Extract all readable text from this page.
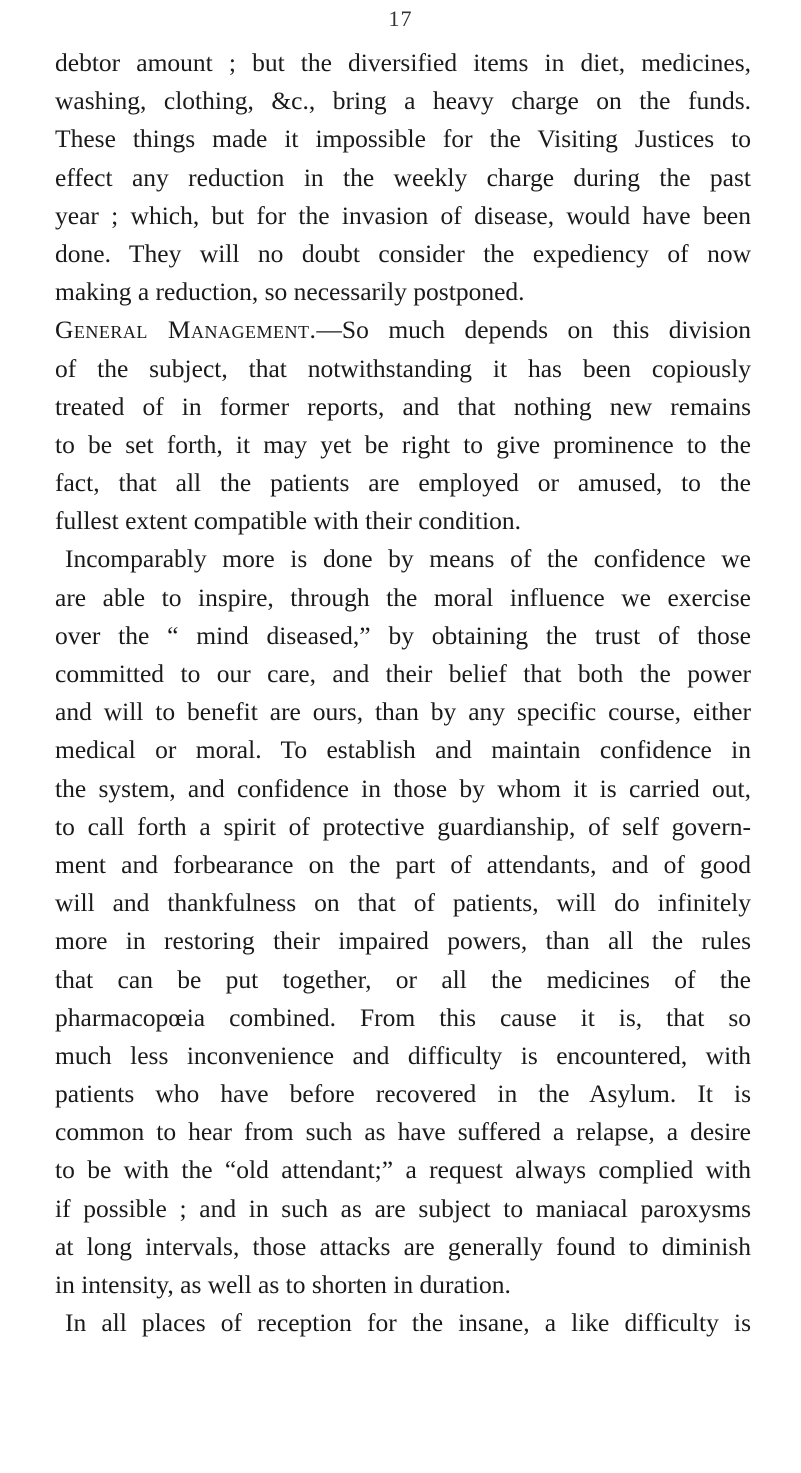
17
debtor amount ; but the diversified items in diet, medicines,
washing, clothing, &c., bring a heavy charge on the funds.
These things made it impossible for the Visiting Justices to
effect any reduction in the weekly charge during the past
year ; which, but for the invasion of disease, would have been
done. They will no doubt consider the expediency of now
making a reduction, so necessarily postponed.
General Management.—So much depends on this division
of the subject, that notwithstanding it has been copiously
treated of in former reports, and that nothing new remains
to be set forth, it may yet be right to give prominence to the
fact, that all the patients are employed or amused, to the
fullest extent compatible with their condition.
Incomparably more is done by means of the confidence we
are able to inspire, through the moral influence we exercise
over the “ mind diseased,” by obtaining the trust of those
committed to our care, and their belief that both the power
and will to benefit are ours, than by any specific course, either
medical or moral. To establish and maintain confidence in
the system, and confidence in those by whom it is carried out,
to call forth a spirit of protective guardianship, of self govern-
ment and forbearance on the part of attendants, and of good
will and thankfulness on that of patients, will do infinitely
more in restoring their impaired powers, than all the rules
that can be put together, or all the medicines of the
pharmacopœia combined. From this cause it is, that so
much less inconvenience and difficulty is encountered, with
patients who have before recovered in the Asylum. It is
common to hear from such as have suffered a relapse, a desire
to be with the “old attendant;” a request always complied with
if possible ; and in such as are subject to maniacal paroxysms
at long intervals, those attacks are generally found to diminish
in intensity, as well as to shorten in duration.
In all places of reception for the insane, a like difficulty is
